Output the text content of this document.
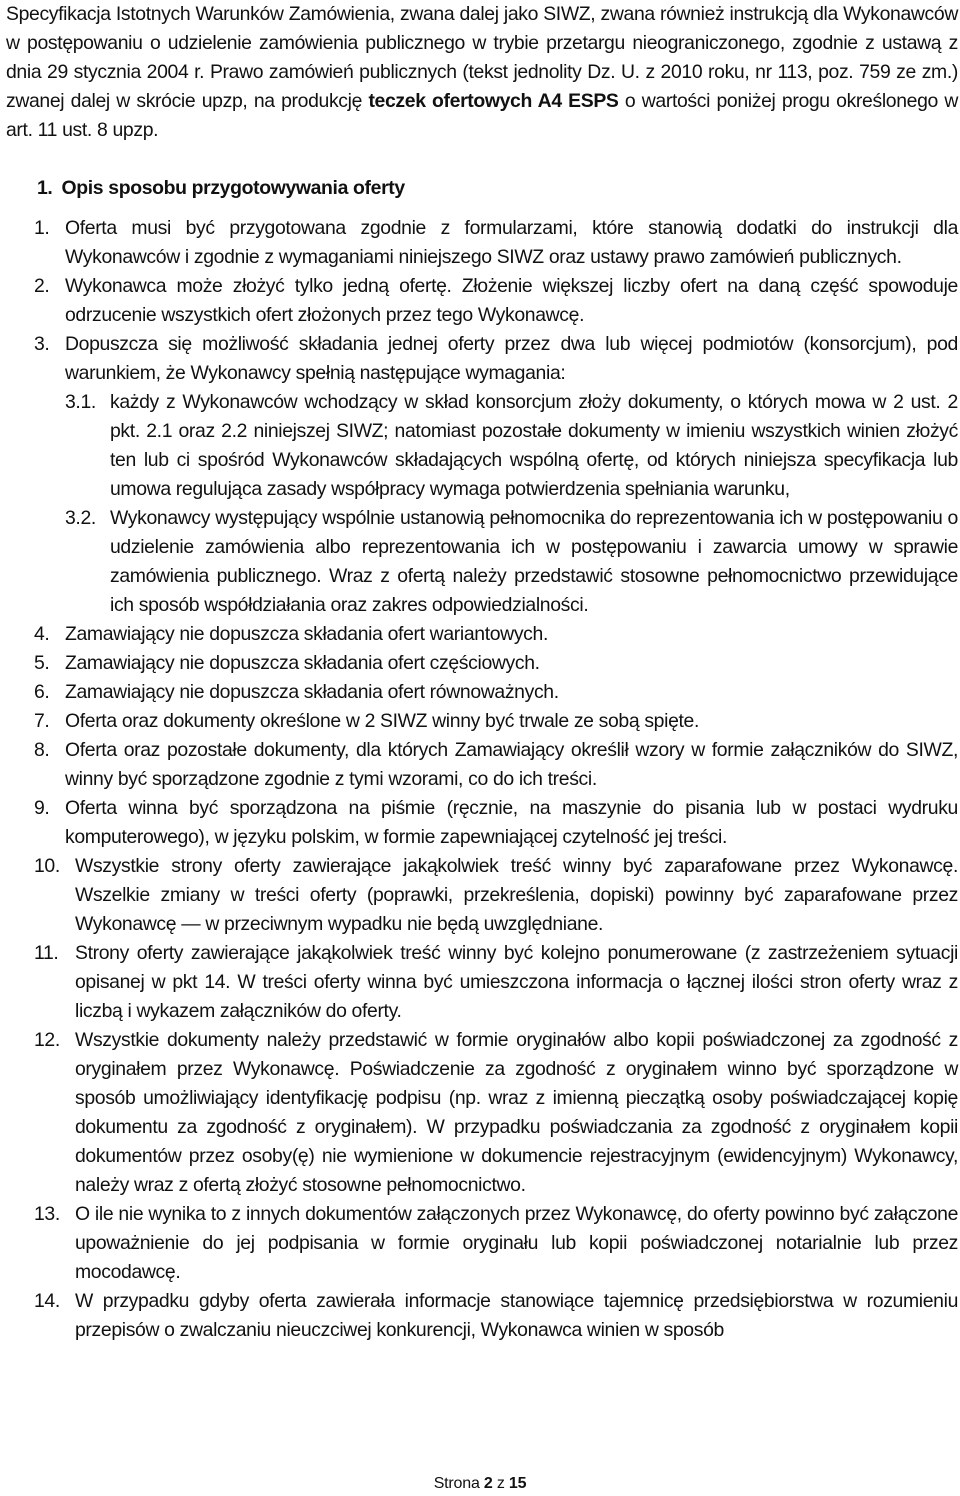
Specyfikacja Istotnych Warunków Zamówienia, zwana dalej jako SIWZ, zwana również instrukcją dla Wykonawców w postępowaniu o udzielenie zamówienia publicznego w trybie przetargu nieograniczonego, zgodnie z ustawą z dnia 29 stycznia 2004 r. Prawo zamówień publicznych (tekst jednolity Dz. U. z 2010 roku, nr 113, poz. 759 ze zm.) zwanej dalej w skrócie upzp, na produkcję teczek ofertowych A4 ESPS o wartości poniżej progu określonego w art. 11 ust. 8 upzp.

1. Opis sposobu przygotowywania oferty
1. Oferta musi być przygotowana zgodnie z formularzami, które stanowią dodatki do instrukcji dla Wykonawców i zgodnie z wymaganiami niniejszego SIWZ oraz ustawy prawo zamówień publicznych.
2. Wykonawca może złożyć tylko jedną ofertę. Złożenie większej liczby ofert na daną część spowoduje odrzucenie wszystkich ofert złożonych przez tego Wykonawcę.
3. Dopuszcza się możliwość składania jednej oferty przez dwa lub więcej podmiotów (konsorcjum), pod warunkiem, że Wykonawcy spełnią następujące wymagania:
3.1. każdy z Wykonawców wchodzący w skład konsorcjum złoży dokumenty, o których mowa w 2 ust. 2 pkt. 2.1 oraz 2.2 niniejszej SIWZ; natomiast pozostałe dokumenty w imieniu wszystkich winien złożyć ten lub ci spośród Wykonawców składających wspólną ofertę, od których niniejsza specyfikacja lub umowa regulująca zasady współpracy wymaga potwierdzenia spełniania warunku,
3.2. Wykonawcy występujący wspólnie ustanowią pełnomocnika do reprezentowania ich w postępowaniu o udzielenie zamówienia albo reprezentowania ich w postępowaniu i zawarcia umowy w sprawie zamówienia publicznego. Wraz z ofertą należy przedstawić stosowne pełnomocnictwo przewidujące ich sposób współdziałania oraz zakres odpowiedzialności.
4. Zamawiający nie dopuszcza składania ofert wariantowych.
5. Zamawiający nie dopuszcza składania ofert częściowych.
6. Zamawiający nie dopuszcza składania ofert równoważnych.
7. Oferta oraz dokumenty określone w 2 SIWZ winny być trwale ze sobą spięte.
8. Oferta oraz pozostałe dokumenty, dla których Zamawiający określił wzory w formie załączników do SIWZ, winny być sporządzone zgodnie z tymi wzorami, co do ich treści.
9. Oferta winna być sporządzona na piśmie (ręcznie, na maszynie do pisania lub w postaci wydruku komputerowego), w języku polskim, w formie zapewniającej czytelność jej treści.
10. Wszystkie strony oferty zawierające jakąkolwiek treść winny być zaparafowane przez Wykonawcę. Wszelkie zmiany w treści oferty (poprawki, przekreślenia, dopiski) powinny być zaparafowane przez Wykonawcę — w przeciwnym wypadku nie będą uwzględniane.
11. Strony oferty zawierające jakąkolwiek treść winny być kolejno ponumerowane (z zastrzeżeniem sytuacji opisanej w pkt 14. W treści oferty winna być umieszczona informacja o łącznej ilości stron oferty wraz z liczbą i wykazem załączników do oferty.
12. Wszystkie dokumenty należy przedstawić w formie oryginałów albo kopii poświadczonej za zgodność z oryginałem przez Wykonawcę. Poświadczenie za zgodność z oryginałem winno być sporządzone w sposób umożliwiający identyfikację podpisu (np. wraz z imienną pieczątką osoby poświadczającej kopię dokumentu za zgodność z oryginałem). W przypadku poświadczania za zgodność z oryginałem kopii dokumentów przez osoby(ę) nie wymienione w dokumencie rejestracyjnym (ewidencyjnym) Wykonawcy, należy wraz z ofertą złożyć stosowne pełnomocnictwo.
13. O ile nie wynika to z innych dokumentów załączonych przez Wykonawcę, do oferty powinno być załączone upoważnienie do jej podpisania w formie oryginału lub kopii poświadczonej notarialnie lub przez mocodawcę.
14. W przypadku gdyby oferta zawierała informacje stanowiące tajemnicę przedsiębiorstwa w rozumieniu przepisów o zwalczaniu nieuczciwej konkurencji, Wykonawca winien w sposób
Strona 2 z 15
